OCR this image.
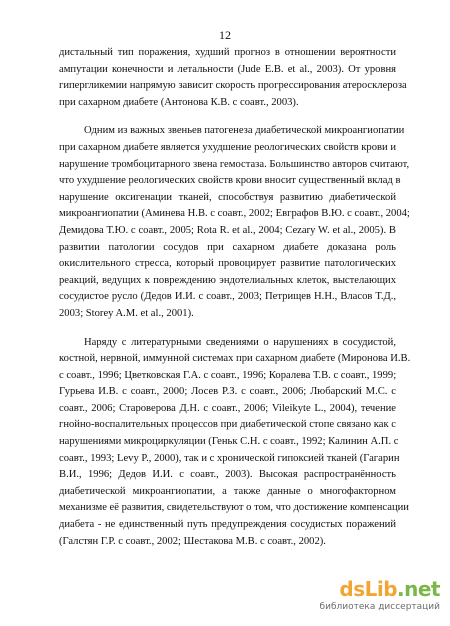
12

дистальный тип поражения, худший прогноз в отношении вероятности
ампутации конечности и летальности (Jude E.B. et al., 2003). От уровня
гипергликемии напрямую зависит скорость прогрессирования атеросклероза
при сахарном диабете (Антонова К.В. с соавт., 2003).

Одним из важных звеньев патогенеза диабетической микроангиопатии
при сахарном диабете является ухудшение реологических свойств крови и
нарушение тромбоцитарного звена гемостаза. Большинство авторов считают,
что ухудшение реологических свойств крови вносит существенный вклад в
нарушение оксигенации тканей, способствуя развитию диабетической
микроангиопатии (Аминева Н.В. с соавт., 2002; Евграфов В.Ю. с соавт., 2004;
Демидова Т.Ю. с соавт., 2005; Rota R. et al., 2004; Cezary W. et al., 2005). В
развитии патологии сосудов при сахарном диабете доказана роль
окислительного стресса, который провоцирует развитие патологических
реакций, ведущих к повреждению эндотелиальных клеток, выстелающих
сосудистое русло (Дедов И.И. с соавт., 2003; Петрищев Н.Н., Власов Т.Д.,
2003; Storey A.M. et al., 2001).

Наряду с литературными сведениями о нарушениях в сосудистой,
костной, нервной, иммунной системах при сахарном диабете (Миронова И.В.
с соавт., 1996; Цветковская Г.А. с соавт., 1996; Коралева Т.В. с соавт., 1999;
Гурьева И.В. с соавт., 2000; Лосев Р.З. с соавт., 2006; Любарский М.С. с
соавт., 2006; Староверова Д.Н. с соавт., 2006; Vileikyte L., 2004), течение
гнойно-воспалительных процессов при диабетической стопе связано как с
нарушениями микроциркуляции (Геньк С.Н. с соавт., 1992; Калинин А.П. с
соавт., 1993; Levy P., 2000), так и с хронической гипоксией тканей (Гагарин
В.И., 1996; Дедов И.И. с соавт., 2003). Высокая распространённость
диабетической микроангиопатии, а также данные о многофакторном
механизме её развития, свидетельствуют о том, что достижение компенсации
диабета - не единственный путь предупреждения сосудистых поражений
(Галстян Г.Р. с соавт., 2002; Шестакова М.В. с соавт., 2002).

dsLib.net
библиотека диссертаций
